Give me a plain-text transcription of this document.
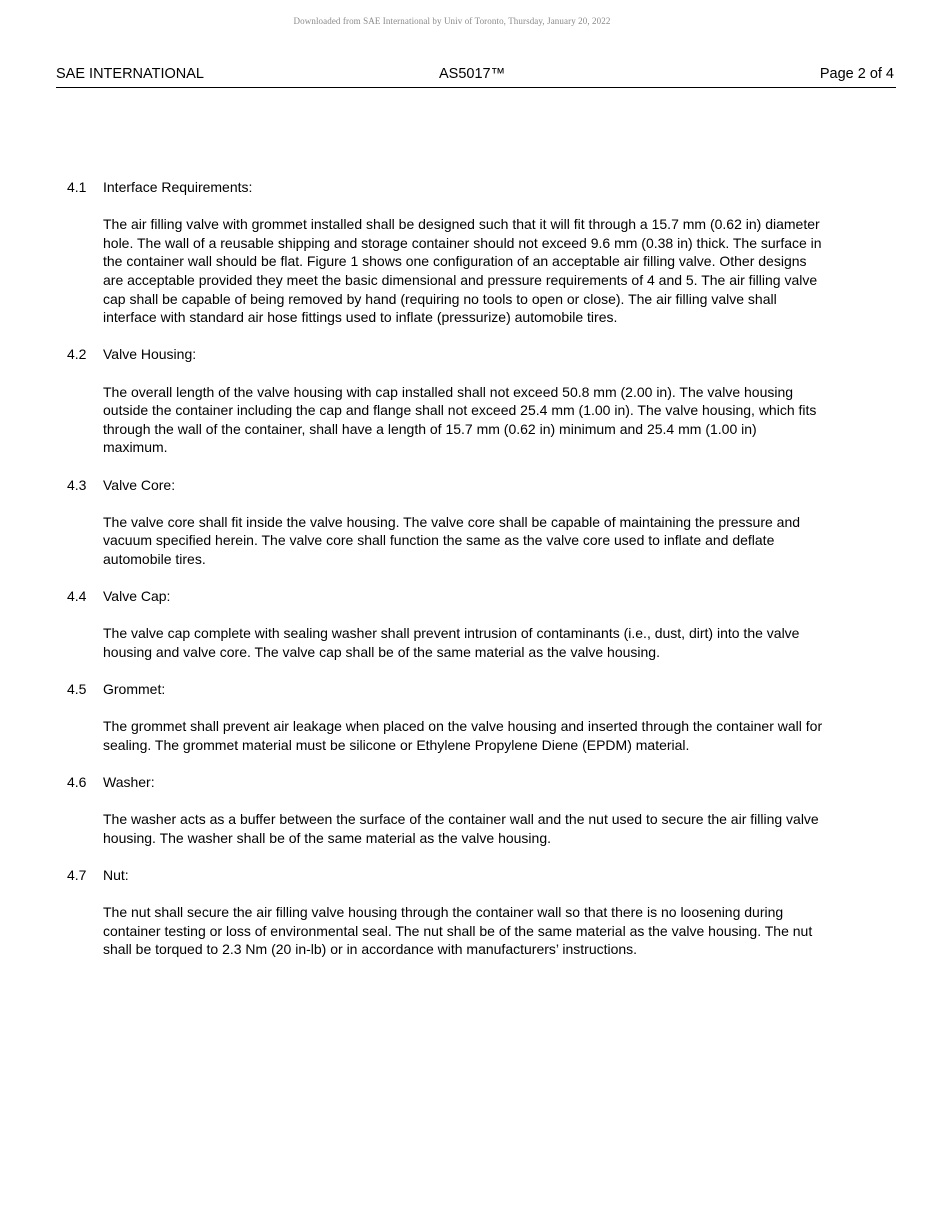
Downloaded from SAE International by Univ of Toronto, Thursday, January 20, 2022
SAE INTERNATIONAL	AS5017™	Page 2 of 4
4.1 Interface Requirements:
The air filling valve with grommet installed shall be designed such that it will fit through a 15.7 mm (0.62 in) diameter hole. The wall of a reusable shipping and storage container should not exceed 9.6 mm (0.38 in) thick. The surface in the container wall should be flat. Figure 1 shows one configuration of an acceptable air filling valve. Other designs are acceptable provided they meet the basic dimensional and pressure requirements of 4 and 5. The air filling valve cap shall be capable of being removed by hand (requiring no tools to open or close). The air filling valve shall interface with standard air hose fittings used to inflate (pressurize) automobile tires.
4.2 Valve Housing:
The overall length of the valve housing with cap installed shall not exceed 50.8 mm (2.00 in). The valve housing outside the container including the cap and flange shall not exceed 25.4 mm (1.00 in). The valve housing, which fits through the wall of the container, shall have a length of 15.7 mm (0.62 in) minimum and 25.4 mm (1.00 in) maximum.
4.3 Valve Core:
The valve core shall fit inside the valve housing. The valve core shall be capable of maintaining the pressure and vacuum specified herein. The valve core shall function the same as the valve core used to inflate and deflate automobile tires.
4.4 Valve Cap:
The valve cap complete with sealing washer shall prevent intrusion of contaminants (i.e., dust, dirt) into the valve housing and valve core. The valve cap shall be of the same material as the valve housing.
4.5 Grommet:
The grommet shall prevent air leakage when placed on the valve housing and inserted through the container wall for sealing. The grommet material must be silicone or Ethylene Propylene Diene (EPDM) material.
4.6 Washer:
The washer acts as a buffer between the surface of the container wall and the nut used to secure the air filling valve housing. The washer shall be of the same material as the valve housing.
4.7 Nut:
The nut shall secure the air filling valve housing through the container wall so that there is no loosening during container testing or loss of environmental seal. The nut shall be of the same material as the valve housing. The nut shall be torqued to 2.3 Nm (20 in-lb) or in accordance with manufacturers’ instructions.
